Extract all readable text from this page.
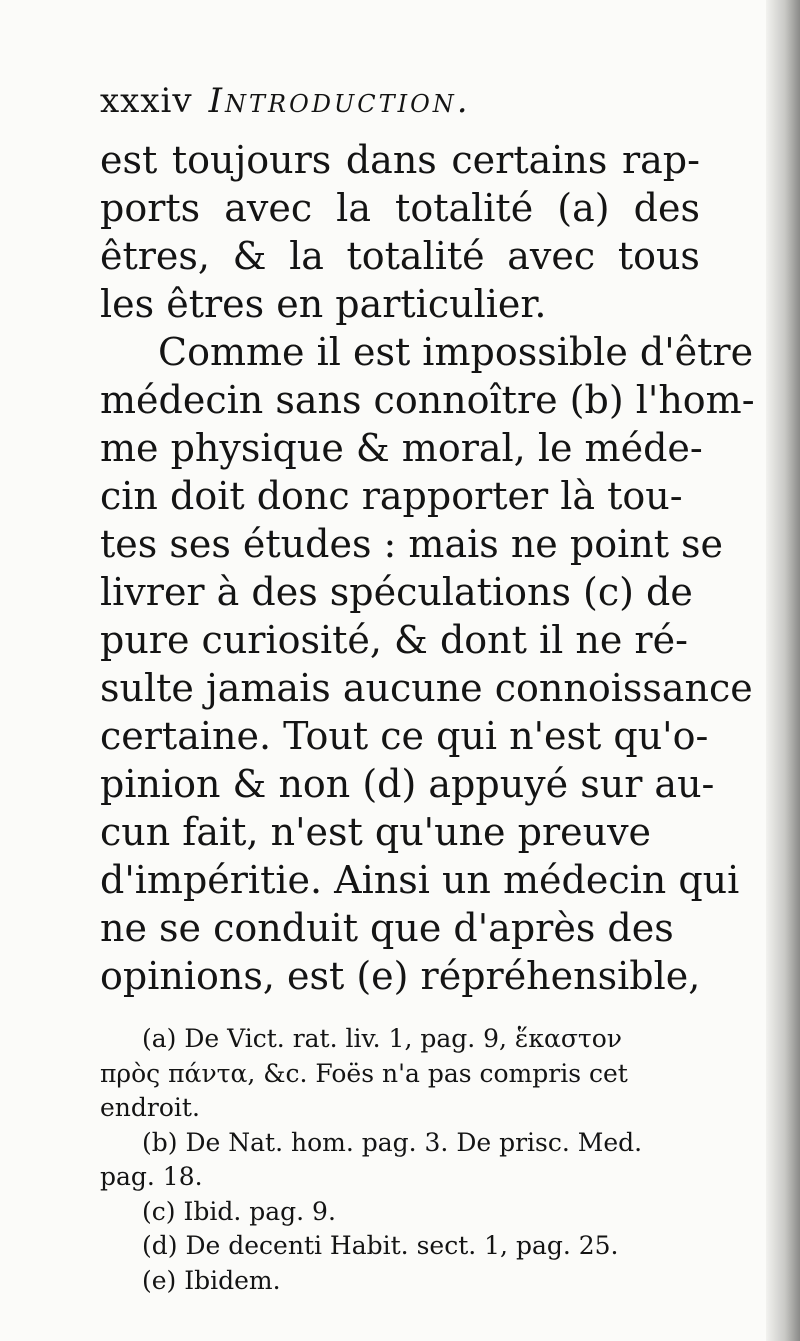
xxxiv Introduction.
est toujours dans certains rap-
ports avec la totalité (a) des
êtres, & la totalité avec tous
les êtres en particulier.
Comme il est impossible d'être
médecin sans connoître (b) l'hom-
me physique & moral, le méde-
cin doit donc rapporter là tou-
tes ses études : mais ne point se
livrer à des spéculations (c) de
pure curiosité, & dont il ne ré-
sulte jamais aucune connoissance
certaine. Tout ce qui n'est qu'o-
pinion & non (d) appuyé sur au-
cun fait, n'est qu'une preuve
d'impéritie. Ainsi un médecin qui
ne se conduit que d'après des
opinions, est (e) répréhensible,
(a) De Vict. rat. liv. 1, pag. 9, ἕκαστον
πρὸς πάντα, &c. Foës n'a pas compris cet
endroit.
(b) De Nat. hom. pag. 3. De prisc. Med.
pag. 18.
(c) Ibid. pag. 9.
(d) De decenti Habit. sect. 1, pag. 25.
(e) Ibidem.
